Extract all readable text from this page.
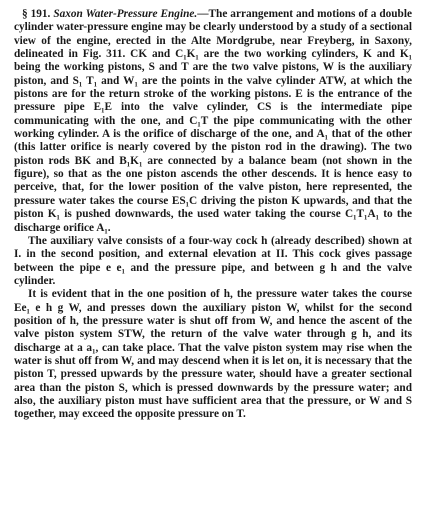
§ 191. Saxon Water-Pressure Engine.—The arrangement and motions of a double cylinder water-pressure engine may be clearly understood by a study of a sectional view of the engine, erected in the Alte Mordgrube, near Freyberg, in Saxony, delineated in Fig. 311. CK and C₁K₁ are the two working cylinders, K and K₁ being the working pistons, S and T are the two valve pistons, W is the auxiliary piston, and S₁ T₁ and W₁ are the points in the valve cylinder ATW, at which the pistons are for the return stroke of the working pistons. E is the entrance of the pressure pipe E₁E into the valve cylinder, CS is the intermediate pipe communicating with the one, and C₁T the pipe communicating with the other working cylinder. A is the orifice of discharge of the one, and A₁ that of the other (this latter orifice is nearly covered by the piston rod in the drawing). The two piston rods BK and B₁K₁ are connected by a balance beam (not shown in the figure), so that as the one piston ascends the other descends. It is hence easy to perceive, that, for the lower position of the valve piston, here represented, the pressure water takes the course ES₁C driving the piston K upwards, and that the piston K₁ is pushed downwards, the used water taking the course C₁T₁A₁ to the discharge orifice A₁.

The auxiliary valve consists of a four-way cock h (already described) shown at I. in the second position, and external elevation at II. This cock gives passage between the pipe e e₁ and the pressure pipe, and between g h and the valve cylinder.

It is evident that in the one position of h, the pressure water takes the course Ee₁ e h g W, and presses down the auxiliary piston W, whilst for the second position of h, the pressure water is shut off from W, and hence the ascent of the valve piston system STW, the return of the valve water through g h, and its discharge at a a₁, can take place. That the valve piston system may rise when the water is shut off from W, and may descend when it is let on, it is necessary that the piston T, pressed upwards by the pressure water, should have a greater sectional area than the piston S, which is pressed downwards by the pressure water; and also, the auxiliary piston must have sufficient area that the pressure, or W and S together, may exceed the opposite pressure on T.
